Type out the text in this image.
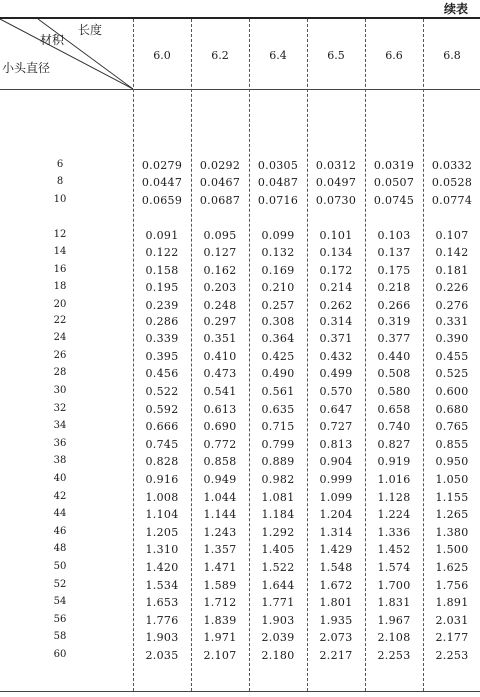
续表
长度
材积
小头直径
6.0	6.2	6.4	6.5	6.6	6.8
6	0.0279	0.0292	0.0305	0.0312	0.0319	0.0332
8	0.0447	0.0467	0.0487	0.0497	0.0507	0.0528
10	0.0659	0.0687	0.0716	0.0730	0.0745	0.0774
12	0.091	0.095	0.099	0.101	0.103	0.107
14	0.122	0.127	0.132	0.134	0.137	0.142
16	0.158	0.162	0.169	0.172	0.175	0.181
18	0.195	0.203	0.210	0.214	0.218	0.226
20	0.239	0.248	0.257	0.262	0.266	0.276
22	0.286	0.297	0.308	0.314	0.319	0.331
24	0.339	0.351	0.364	0.371	0.377	0.390
26	0.395	0.410	0.425	0.432	0.440	0.455
28	0.456	0.473	0.490	0.499	0.508	0.525
30	0.522	0.541	0.561	0.570	0.580	0.600
32	0.592	0.613	0.635	0.647	0.658	0.680
34	0.666	0.690	0.715	0.727	0.740	0.765
36	0.745	0.772	0.799	0.813	0.827	0.855
38	0.828	0.858	0.889	0.904	0.919	0.950
40	0.916	0.949	0.982	0.999	1.016	1.050
42	1.008	1.044	1.081	1.099	1.128	1.155
44	1.104	1.144	1.184	1.204	1.224	1.265
46	1.205	1.243	1.292	1.314	1.336	1.380
48	1.310	1.357	1.405	1.429	1.452	1.500
50	1.420	1.471	1.522	1.548	1.574	1.625
52	1.534	1.589	1.644	1.672	1.700	1.756
54	1.653	1.712	1.771	1.801	1.831	1.891
56	1.776	1.839	1.903	1.935	1.967	2.031
58	1.903	1.971	2.039	2.073	2.108	2.177
60	2.035	2.107	2.180	2.217	2.253	2.253
